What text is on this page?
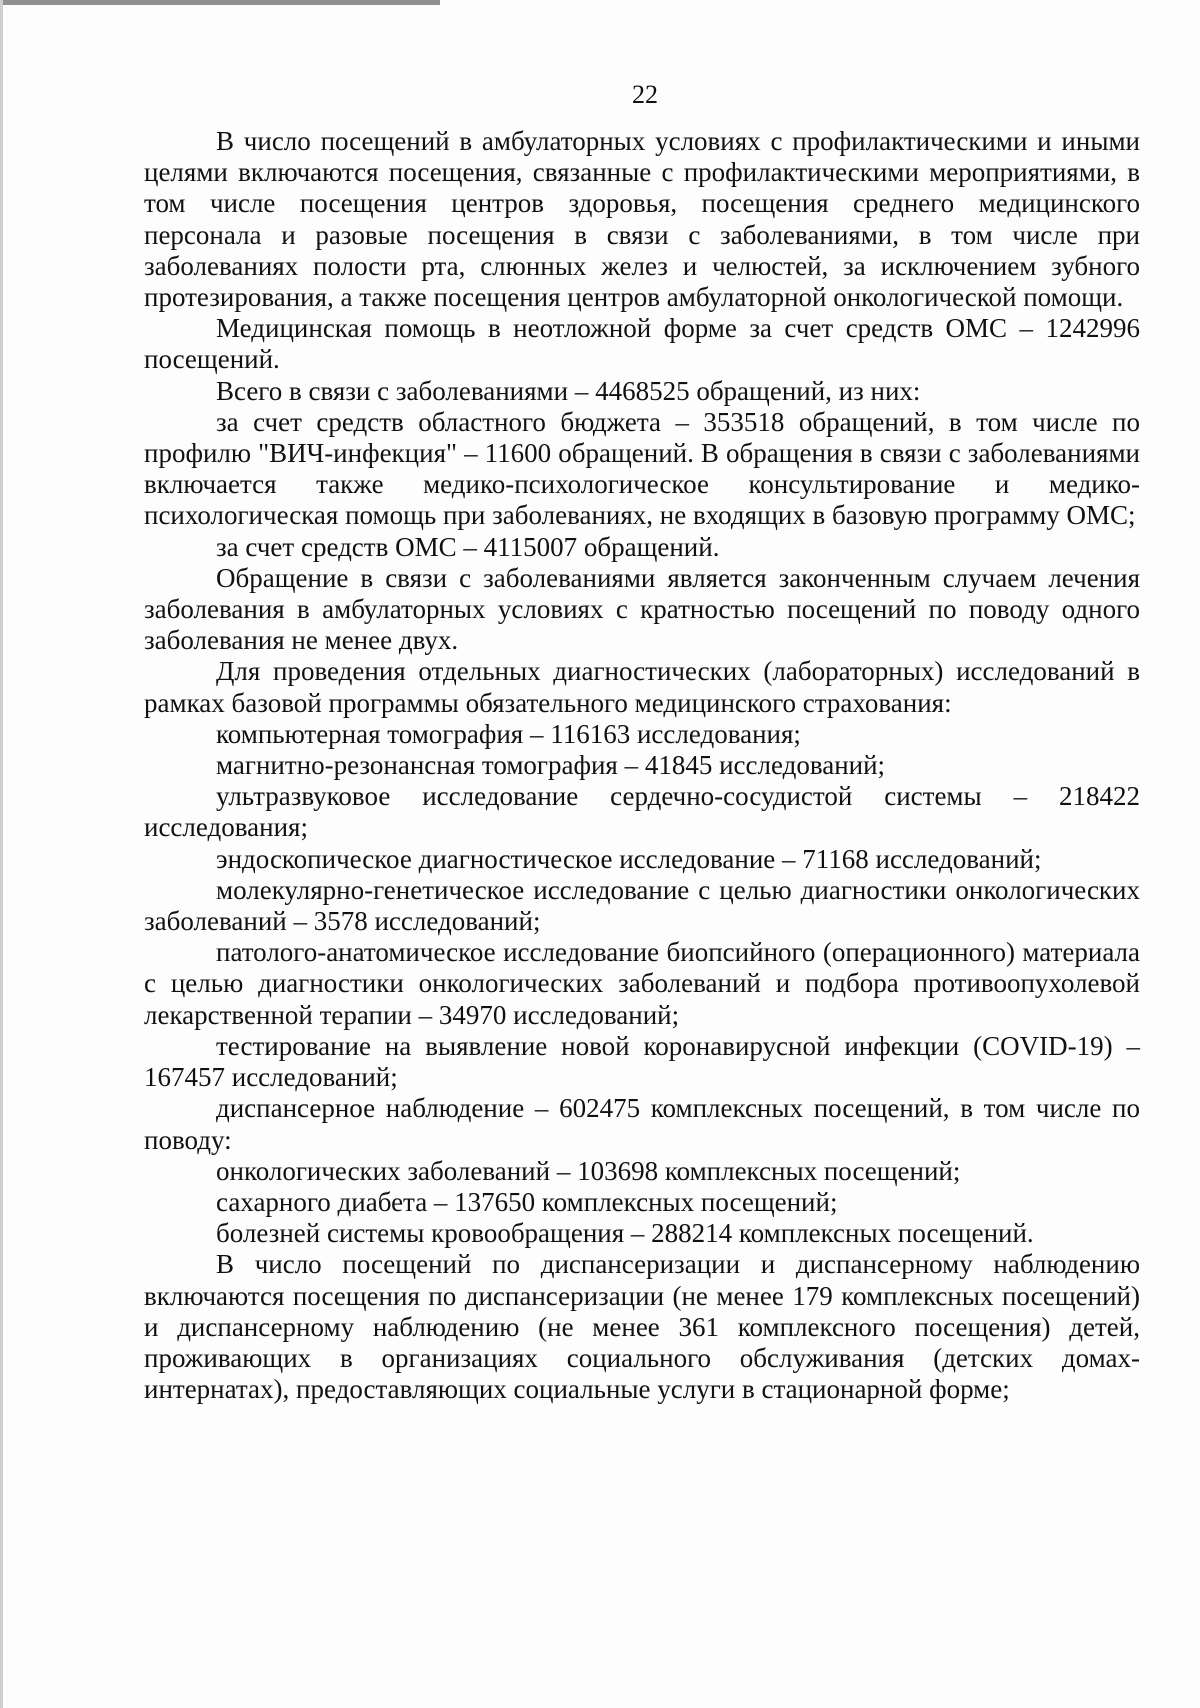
22

В число посещений в амбулаторных условиях с профилактическими и иными целями включаются посещения, связанные с профилактическими мероприятиями, в том числе посещения центров здоровья, посещения среднего медицинского персонала и разовые посещения в связи с заболеваниями, в том числе при заболеваниях полости рта, слюнных желез и челюстей, за исключением зубного протезирования, а также посещения центров амбулаторной онкологической помощи.

Медицинская помощь в неотложной форме за счет средств ОМС – 1242996 посещений.

Всего в связи с заболеваниями – 4468525 обращений, из них:

за счет средств областного бюджета – 353518 обращений, в том числе по профилю "ВИЧ-инфекция" – 11600 обращений. В обращения в связи с заболеваниями включается также медико-психологическое консультирование и медико-психологическая помощь при заболеваниях, не входящих в базовую программу ОМС;

за счет средств ОМС – 4115007 обращений.

Обращение в связи с заболеваниями является законченным случаем лечения заболевания в амбулаторных условиях с кратностью посещений по поводу одного заболевания не менее двух.

Для проведения отдельных диагностических (лабораторных) исследований в рамках базовой программы обязательного медицинского страхования:

компьютерная томография – 116163 исследования;

магнитно-резонансная томография – 41845 исследований;

ультразвуковое исследование сердечно-сосудистой системы – 218422 исследования;

эндоскопическое диагностическое исследование – 71168 исследований;

молекулярно-генетическое исследование с целью диагностики онкологических заболеваний – 3578 исследований;

патолого-анатомическое исследование биопсийного (операционного) материала с целью диагностики онкологических заболеваний и подбора противоопухолевой лекарственной терапии – 34970 исследований;

тестирование на выявление новой коронавирусной инфекции (COVID-19) – 167457 исследований;

диспансерное наблюдение – 602475 комплексных посещений, в том числе по поводу:

онкологических заболеваний – 103698 комплексных посещений;

сахарного диабета – 137650 комплексных посещений;

болезней системы кровообращения – 288214 комплексных посещений.

В число посещений по диспансеризации и диспансерному наблюдению включаются посещения по диспансеризации (не менее 179 комплексных посещений) и диспансерному наблюдению (не менее 361 комплексного посещения) детей, проживающих в организациях социального обслуживания (детских домах-интернатах), предоставляющих социальные услуги в стационарной форме;
